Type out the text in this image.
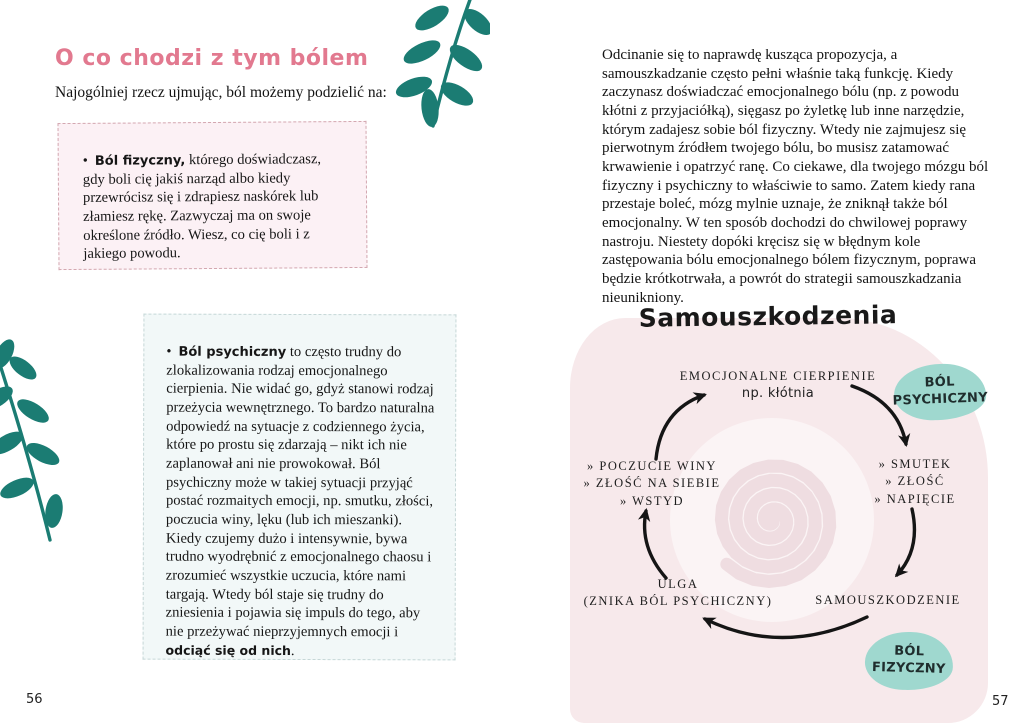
O co chodzi z tym bólem
Najogólniej rzecz ujmując, ból możemy podzielić na:

• Ból fizyczny, którego doświadczasz, gdy boli cię jakiś narząd albo kiedy przewrócisz się i zdrapiesz naskórek lub złamiesz rękę. Zazwyczaj ma on swoje określone źródło. Wiesz, co cię boli i z jakiego powodu.

• Ból psychiczny to często trudny do zlokalizowania rodzaj emocjonalnego cierpienia. Nie widać go, gdyż stanowi rodzaj przeżycia wewnętrznego. To bardzo naturalna odpowiedź na sytuacje z codziennego życia, które po prostu się zdarzają – nikt ich nie zaplanował ani nie prowokował. Ból psychiczny może w takiej sytuacji przyjąć postać rozmaitych emocji, np. smutku, złości, poczucia winy, lęku (lub ich mieszanki). Kiedy czujemy dużo i intensywnie, bywa trudno wyodrębnić z emocjonalnego chaosu i zrozumieć wszystkie uczucia, które nami targają. Wtedy ból staje się trudny do zniesienia i pojawia się impuls do tego, aby nie przeżywać nieprzyjemnych emocji i odciąć się od nich.

56
Odcinanie się to naprawdę kusząca propozycja, a samouszkadzanie często pełni właśnie taką funkcję. Kiedy zaczynasz doświadczać emocjonalnego bólu (np. z powodu kłótni z przyjaciółką), sięgasz po żyletkę lub inne narzędzie, którym zadajesz sobie ból fizyczny. Wtedy nie zajmujesz się pierwotnym źródłem twojego bólu, bo musisz zatamować krwawienie i opatrzyć ranę. Co ciekawe, dla twojego mózgu ból fizyczny i psychiczny to właściwie to samo. Zatem kiedy rana przestaje boleć, mózg mylnie uznaje, że zniknął także ból emocjonalny. W ten sposób dochodzi do chwilowej poprawy nastroju. Niestety dopóki kręcisz się w błędnym kole zastępowania bólu emocjonalnego bólem fizycznym, poprawa będzie krótkotrwała, a powrót do strategii samouszkadzania nieunikniony.
Samouszkodzenia
EMOCJONALNE CIERPIENIE
np. kłótnia
» SMUTEK
» ZŁOŚĆ
» NAPIĘCIE
SAMOUSZKODZENIE
ULGA
(ZNIKA BÓL PSYCHICZNY)
» POCZUCIE WINY
» ZŁOŚĆ NA SIEBIE
» WSTYD
BÓL PSYCHICZNY
BÓL FIZYCZNY
57
